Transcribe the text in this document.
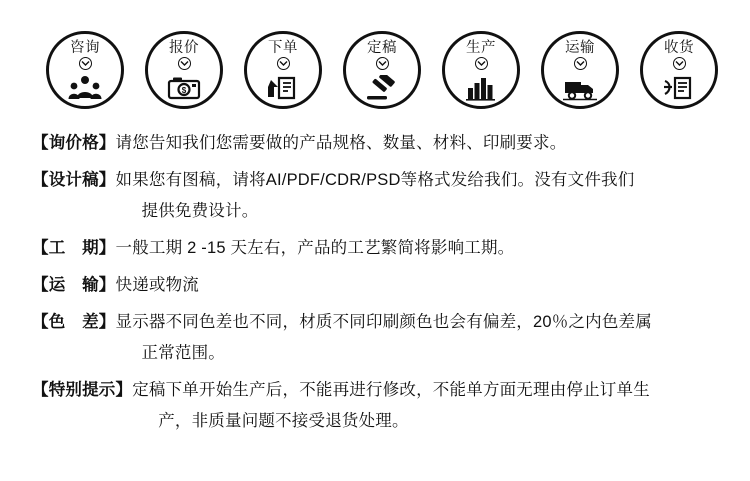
咨询	报价
$
下单	定稿	生产	运输	收货
【询价格】 请您告知我们您需要做的产品规格、数量、材料、印刷要求。
【设计稿】 如果您有图稿，请将AI/PDF/CDR/PSD等格式发给我们。没有文件我们
提供免费设计。
【工　期】 一般工期 2 -15 天左右，产品的工艺繁简将影响工期。
【运　输】 快递或物流
【色　差】 显示器不同色差也不同，材质不同印刷颜色也会有偏差，20％之内色差属
正常范围。
【特别提示】 定稿下单开始生产后，不能再进行修改，不能单方面无理由停止订单生
产，非质量问题不接受退货处理。
